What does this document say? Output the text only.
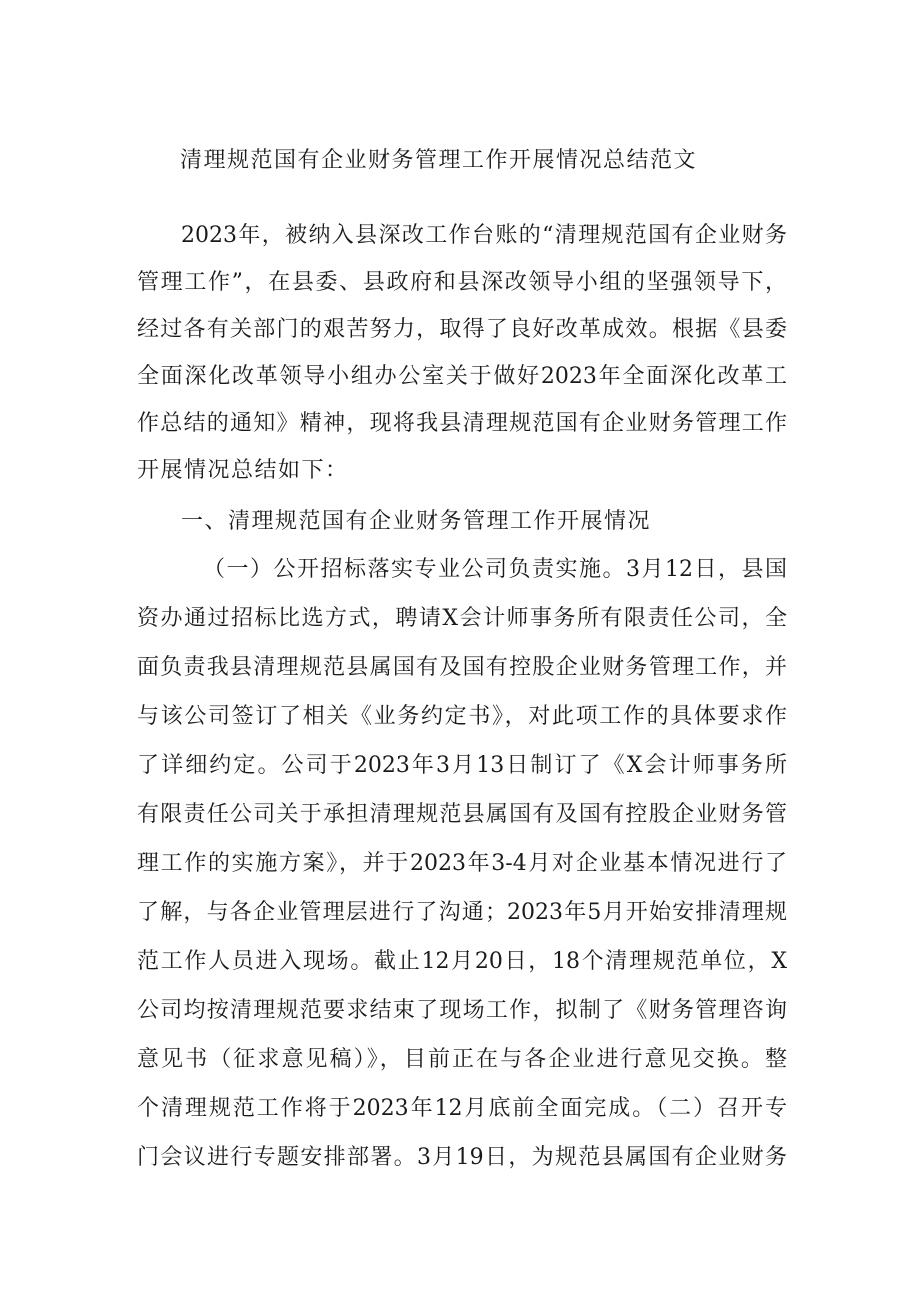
清理规范国有企业财务管理工作开展情况总结范文
2023年，被纳入县深改工作台账的“清理规范国有企业财务
管理工作”，在县委、县政府和县深改领导小组的坚强领导下，
经过各有关部门的艰苦努力，取得了良好改革成效。根据《县委
全面深化改革领导小组办公室关于做好2023年全面深化改革工
作总结的通知》精神，现将我县清理规范国有企业财务管理工作
开展情况总结如下：
一、清理规范国有企业财务管理工作开展情况
（一）公开招标落实专业公司负责实施。3月12日，县国
资办通过招标比选方式，聘请X会计师事务所有限责任公司，全
面负责我县清理规范县属国有及国有控股企业财务管理工作，并
与该公司签订了相关《业务约定书》，对此项工作的具体要求作
了详细约定。公司于2023年3月13日制订了《X会计师事务所
有限责任公司关于承担清理规范县属国有及国有控股企业财务管
理工作的实施方案》，并于2023年3-4月对企业基本情况进行了
了解，与各企业管理层进行了沟通；2023年5月开始安排清理规
范工作人员进入现场。截止12月20日，18个清理规范单位，X
公司均按清理规范要求结束了现场工作，拟制了《财务管理咨询
意见书（征求意见稿）》，目前正在与各企业进行意见交换。整
个清理规范工作将于2023年12月底前全面完成。（二）召开专
门会议进行专题安排部署。3月19日，为规范县属国有企业财务
